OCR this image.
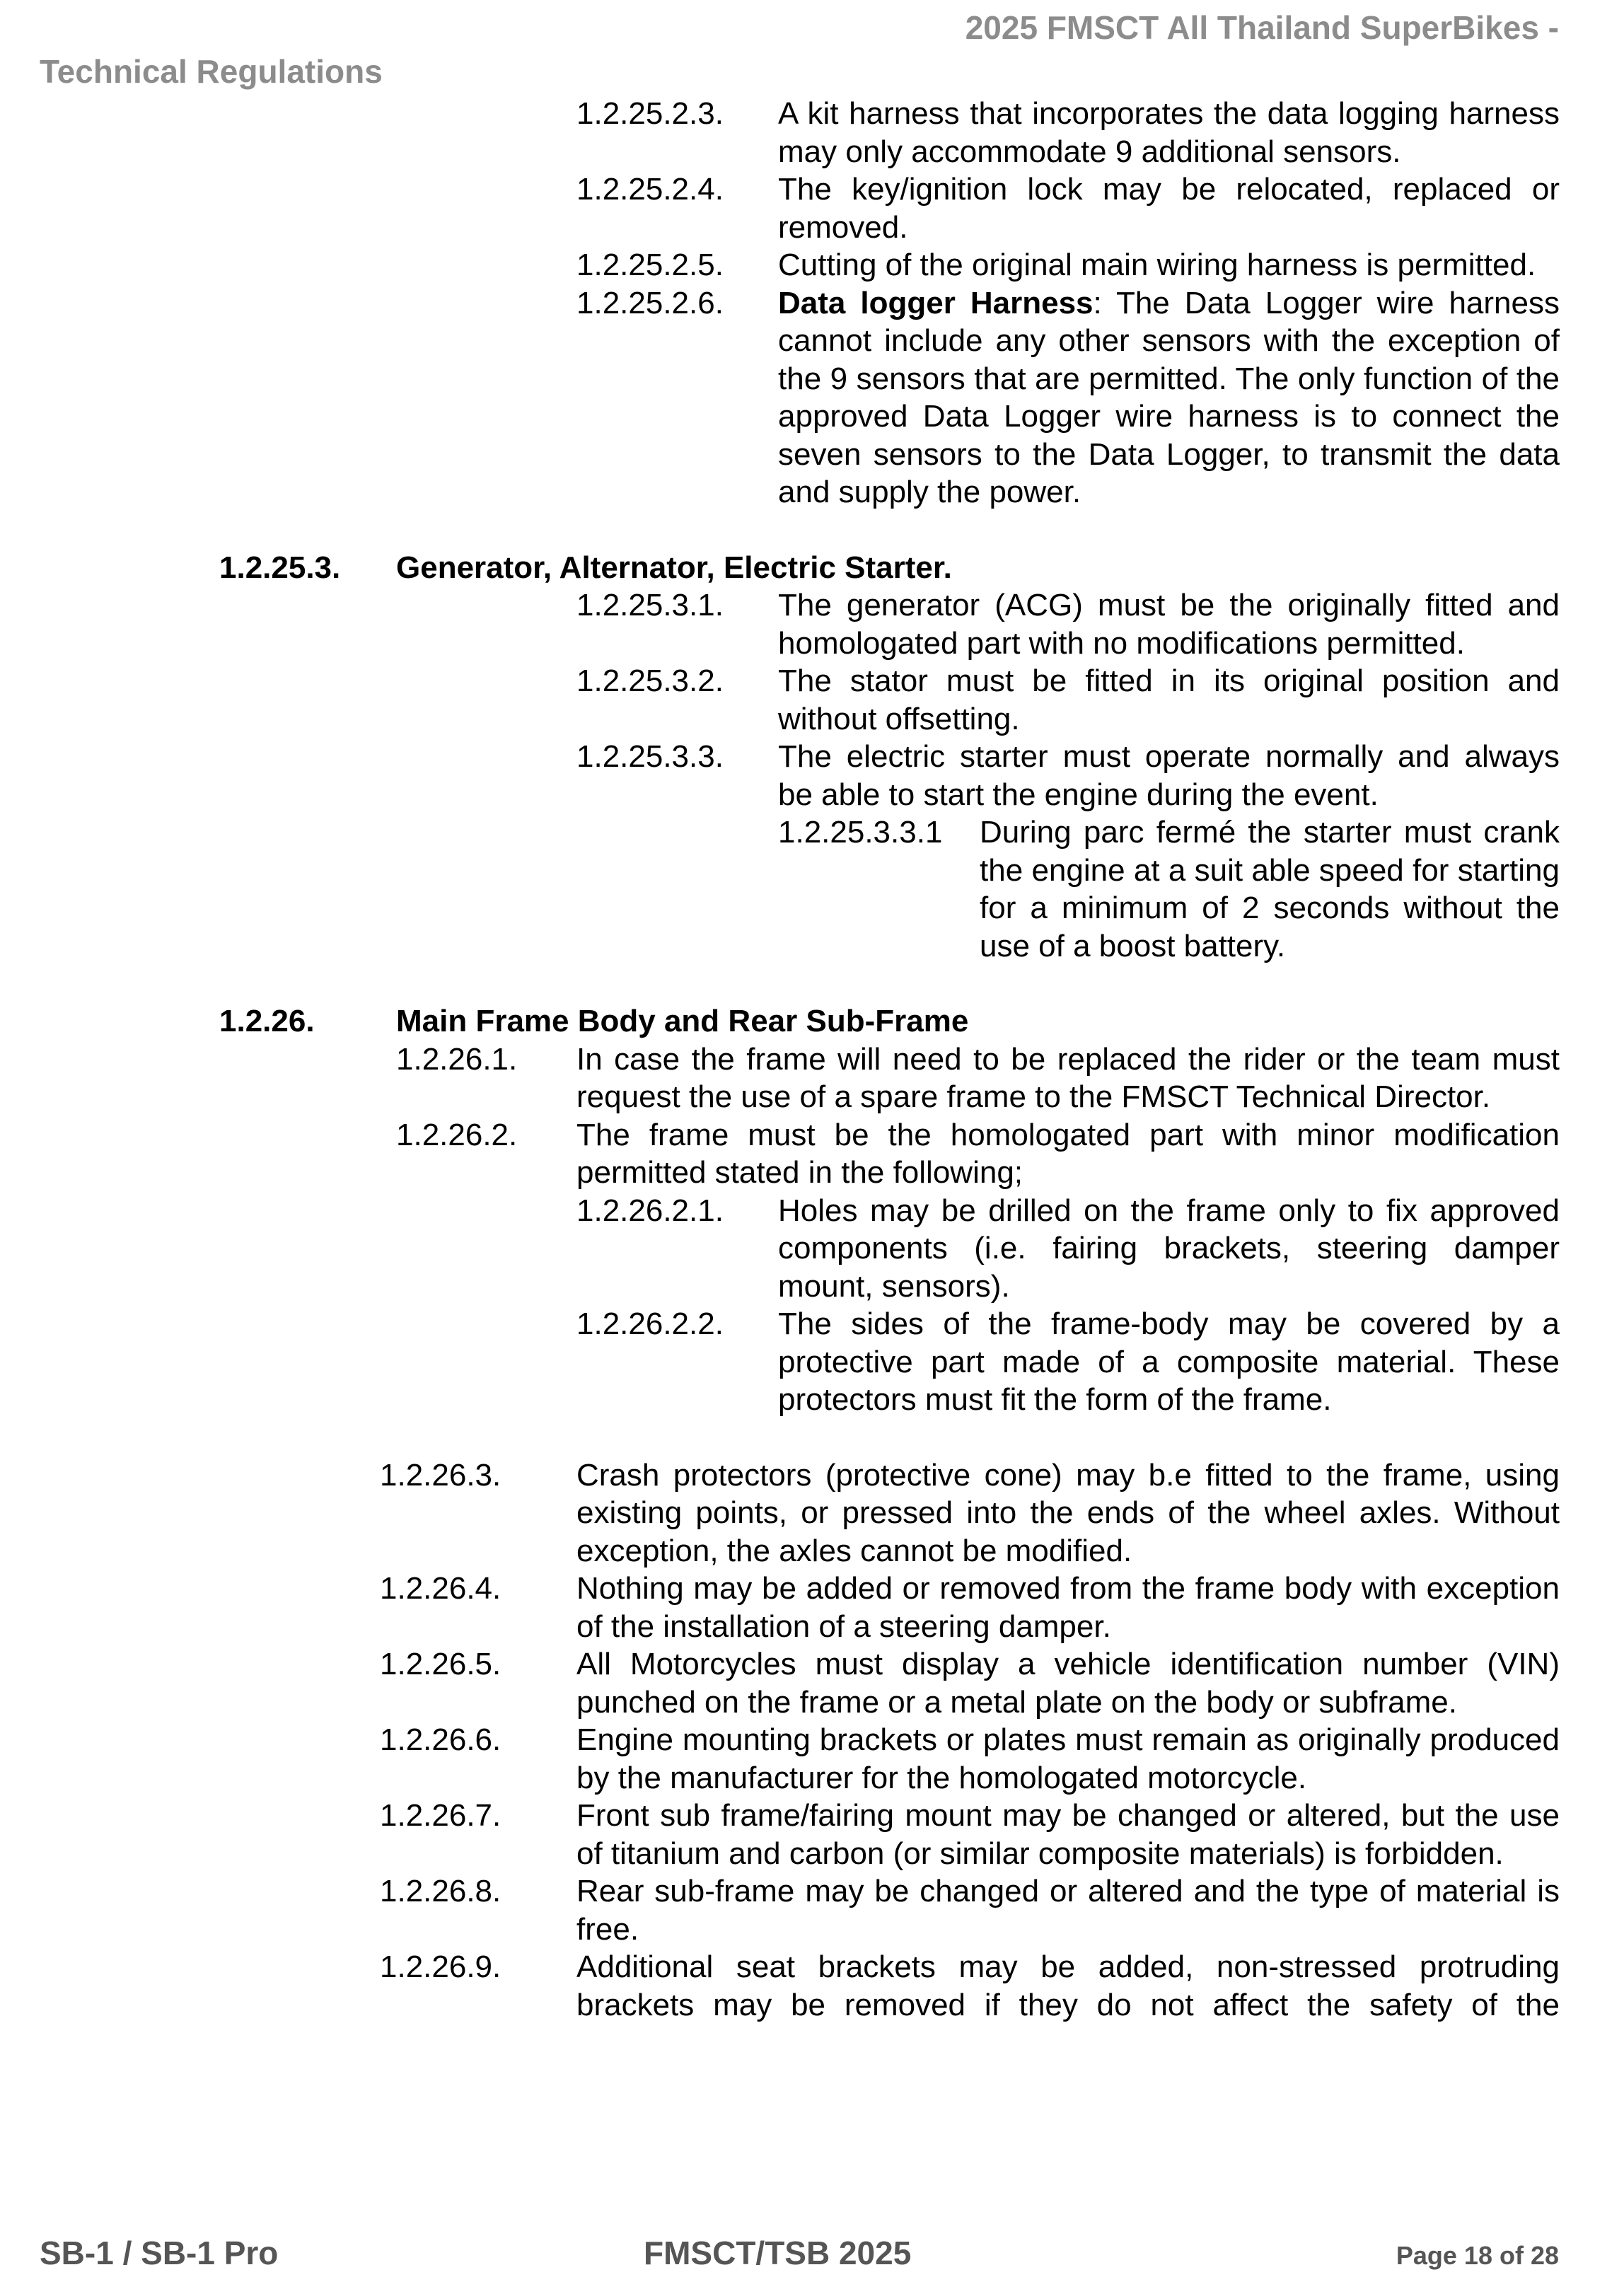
2025 FMSCT All Thailand SuperBikes -
Technical Regulations
1.2.25.2.3. A kit harness that incorporates the data logging harness may only accommodate 9 additional sensors.
1.2.25.2.4. The key/ignition lock may be relocated, replaced or removed.
1.2.25.2.5. Cutting of the original main wiring harness is permitted.
1.2.25.2.6. Data logger Harness: The Data Logger wire harness cannot include any other sensors with the exception of the 9 sensors that are permitted. The only function of the approved Data Logger wire harness is to connect the seven sensors to the Data Logger, to transmit the data and supply the power.
1.2.25.3. Generator, Alternator, Electric Starter.
1.2.25.3.1. The generator (ACG) must be the originally fitted and homologated part with no modifications permitted.
1.2.25.3.2. The stator must be fitted in its original position and without offsetting.
1.2.25.3.3. The electric starter must operate normally and always be able to start the engine during the event.
1.2.25.3.3.1 During parc fermé the starter must crank the engine at a suit able speed for starting for a minimum of 2 seconds without the use of a boost battery.
1.2.26.	Main Frame Body and Rear Sub-Frame
1.2.26.1. In case the frame will need to be replaced the rider or the team must request the use of a spare frame to the FMSCT Technical Director.
1.2.26.2. The frame must be the homologated part with minor modification permitted stated in the following;
1.2.26.2.1. Holes may be drilled on the frame only to fix approved components (i.e. fairing brackets, steering damper mount, sensors).
1.2.26.2.2. The sides of the frame-body may be covered by a protective part made of a composite material. These protectors must fit the form of the frame.
1.2.26.3. Crash protectors (protective cone) may b.e fitted to the frame, using existing points, or pressed into the ends of the wheel axles. Without exception, the axles cannot be modified.
1.2.26.4. Nothing may be added or removed from the frame body with exception of the installation of a steering damper.
1.2.26.5. All Motorcycles must display a vehicle identification number (VIN) punched on the frame or a metal plate on the body or subframe.
1.2.26.6. Engine mounting brackets or plates must remain as originally produced by the manufacturer for the homologated motorcycle.
1.2.26.7. Front sub frame/fairing mount may be changed or altered, but the use of titanium and carbon (or similar composite materials) is forbidden.
1.2.26.8. Rear sub-frame may be changed or altered and the type of material is free.
1.2.26.9. Additional seat brackets may be added, non-stressed protruding brackets may be removed if they do not affect the safety of the
SB-1 / SB-1 Pro	FMSCT/TSB 2025	Page 18 of 28
